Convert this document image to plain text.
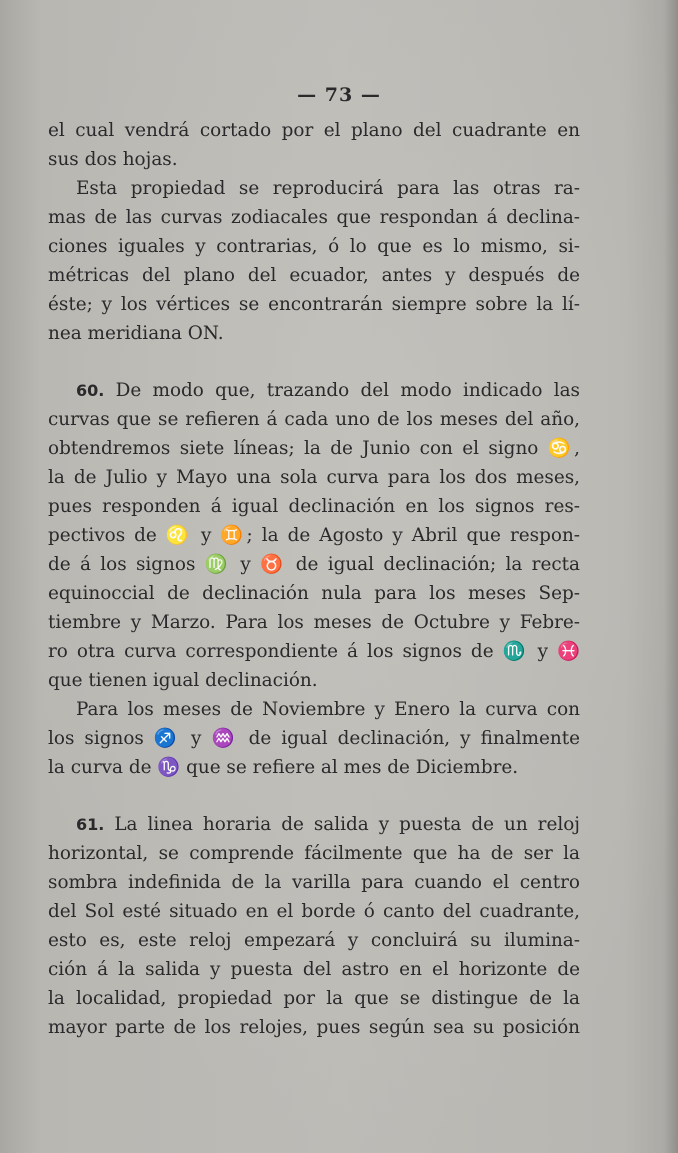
— 73 —
el cual vendrá cortado por el plano del cuadrante en
sus dos hojas.
Esta propiedad se reproducirá para las otras ra-
mas de las curvas zodiacales que respondan á declina-
ciones iguales y contrarias, ó lo que es lo mismo, si-
métricas del plano del ecuador, antes y después de
éste; y los vértices se encontrarán siempre sobre la lí-
nea meridiana ON.
60. De modo que, trazando del modo indicado las
curvas que se refieren á cada uno de los meses del año,
obtendremos siete líneas; la de Junio con el signo ♋,
la de Julio y Mayo una sola curva para los dos meses,
pues responden á igual declinación en los signos res-
pectivos de ♌ y ♊; la de Agosto y Abril que respon-
de á los signos ♍ y ♉ de igual declinación; la recta
equinoccial de declinación nula para los meses Sep-
tiembre y Marzo. Para los meses de Octubre y Febre-
ro otra curva correspondiente á los signos de ♏ y ♓
que tienen igual declinación.
Para los meses de Noviembre y Enero la curva con
los signos ♐ y ♒ de igual declinación, y finalmente
la curva de ♑ que se refiere al mes de Diciembre.
61. La linea horaria de salida y puesta de un reloj
horizontal, se comprende fácilmente que ha de ser la
sombra indefinida de la varilla para cuando el centro
del Sol esté situado en el borde ó canto del cuadrante,
esto es, este reloj empezará y concluirá su ilumina-
ción á la salida y puesta del astro en el horizonte de
la localidad, propiedad por la que se distingue de la
mayor parte de los relojes, pues según sea su posición
